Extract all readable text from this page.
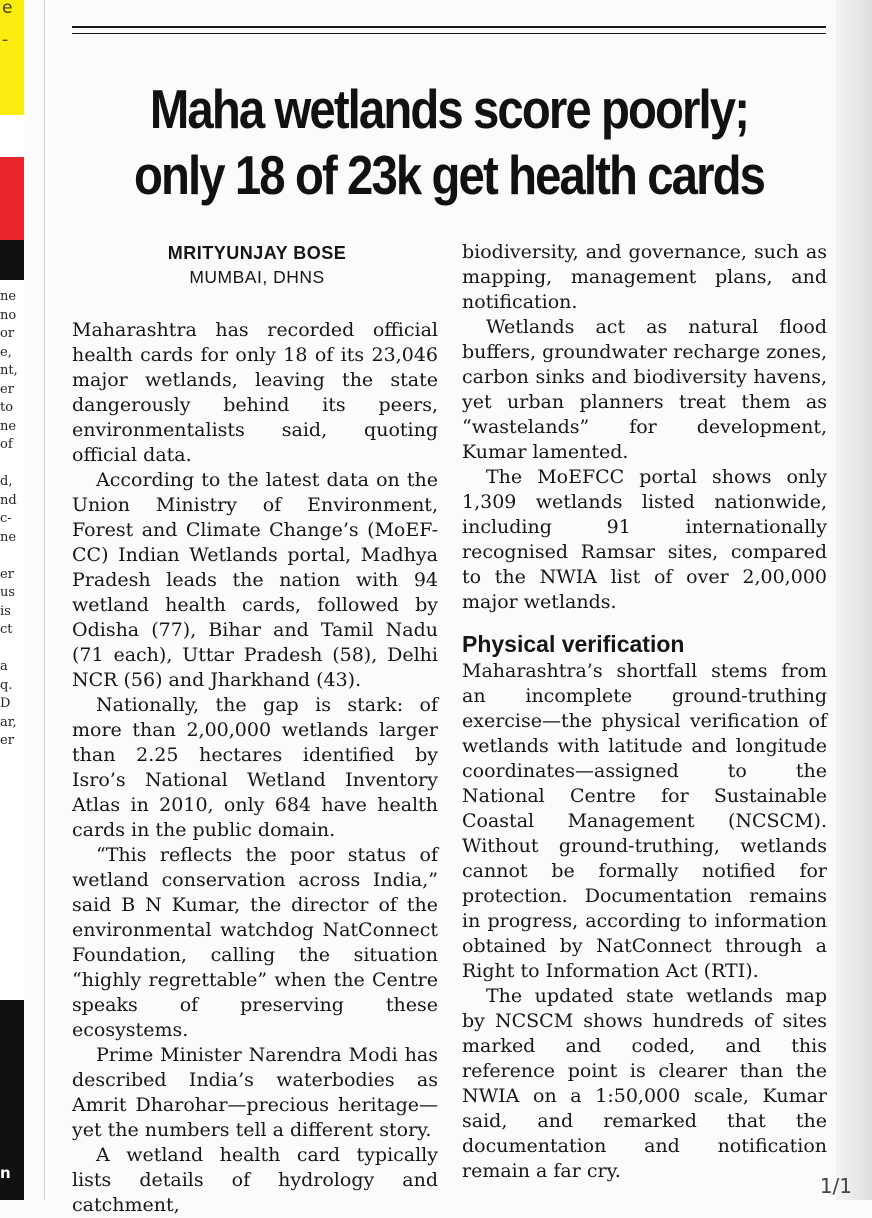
e
-
ne
no
or
e,
nt,
er
to
ne
of

d,
nd
c-
ne

er
us
is
ct

a
q.
D
ar,
er
n
Maha wetlands score poorly;
only 18 of 23k get health cards
MRITYUNJAY BOSE
MUMBAI, DHNS

Maharashtra has recorded official health cards for only 18 of its 23,046 major wetlands, leaving the state dangerously behind its peers, environmentalists said, quoting official data.

According to the latest data on the Union Ministry of Environment, Forest and Climate Change’s (MoEF-CC) Indian Wetlands portal, Madhya Pradesh leads the nation with 94 wetland health cards, followed by Odisha (77), Bihar and Tamil Nadu (71 each), Uttar Pradesh (58), Delhi NCR (56) and Jharkhand (43).

Nationally, the gap is stark: of more than 2,00,000 wetlands larger than 2.25 hectares identified by Isro’s National Wetland Inventory Atlas in 2010, only 684 have health cards in the public domain.

“This reflects the poor status of wetland conservation across India,” said B N Kumar, the director of the environmental watchdog NatConnect Foundation, calling the situation “highly regrettable” when the Centre speaks of preserving these ecosystems.

Prime Minister Narendra Modi has described India’s waterbodies as Amrit Dharohar—precious heritage—yet the numbers tell a different story.

A wetland health card typically lists details of hydrology and catchment,

biodiversity, and governance, such as mapping, management plans, and notification.

Wetlands act as natural flood buffers, groundwater recharge zones, carbon sinks and biodiversity havens, yet urban planners treat them as “wastelands” for development, Kumar lamented.

The MoEFCC portal shows only 1,309 wetlands listed nationwide, including 91 internationally recognised Ramsar sites, compared to the NWIA list of over 2,00,000 major wetlands.

Physical verification

Maharashtra’s shortfall stems from an incomplete ground-truthing exercise—the physical verification of wetlands with latitude and longitude coordinates—assigned to the National Centre for Sustainable Coastal Management (NCSCM). Without ground-truthing, wetlands cannot be formally notified for protection. Documentation remains in progress, according to information obtained by NatConnect through a Right to Information Act (RTI).

The updated state wetlands map by NCSCM shows hundreds of sites marked and coded, and this reference point is clearer than the NWIA on a 1:50,000 scale, Kumar said, and remarked that the documentation and notification remain a far cry.

1/1
